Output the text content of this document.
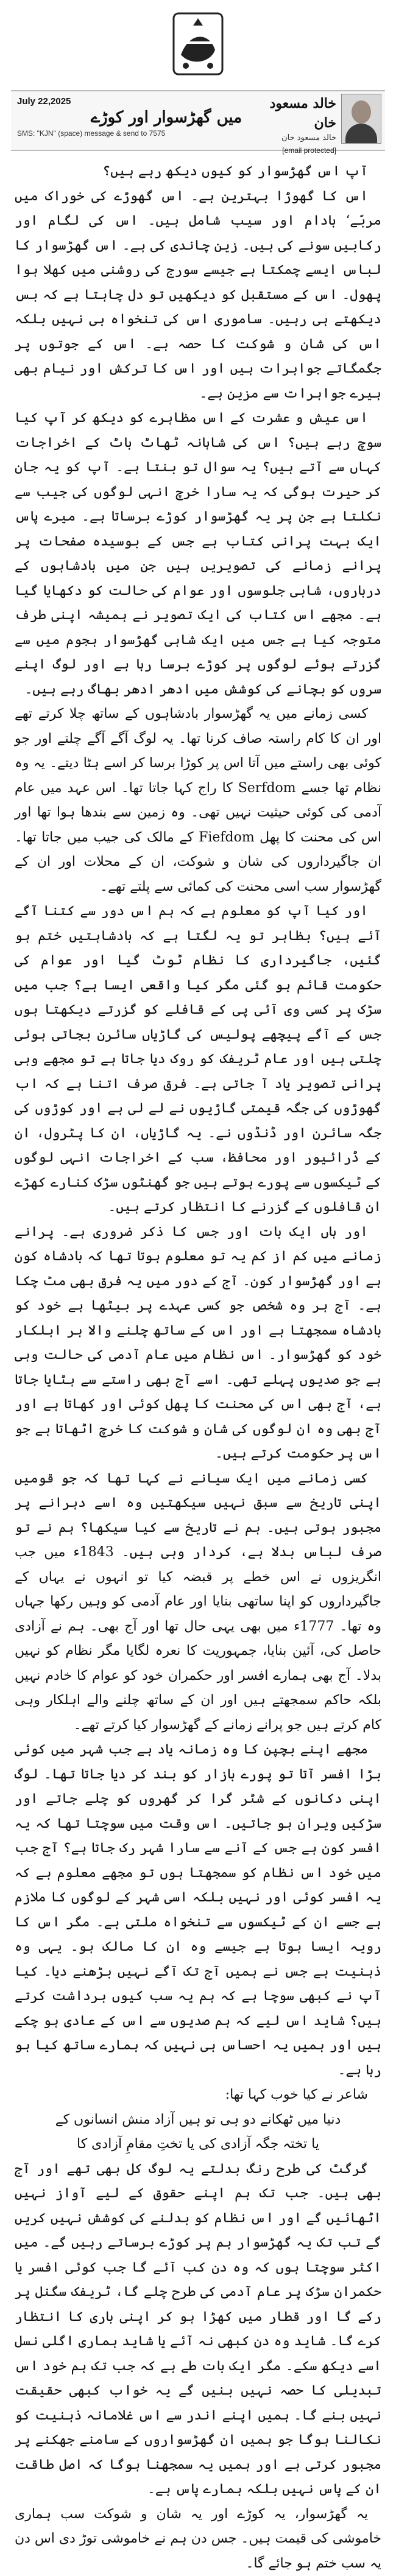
July 22,2025
SMS: "KJN" (space) message & send to 7575
میں گھڑسوار اور کوڑے
خالد مسعود خان
خالد مسعود خان
[email protected]

آپ اس گھڑسوار کو کیوں دیکھ رہے ہیں؟

اس کا گھوڑا بہترین ہے۔ اس گھوڑے کی خوراک میں مربّے‘ بادام اور سیب شامل ہیں۔ اس کی لگام اور رکابیں سونے کی ہیں۔ زین چاندی کی ہے۔ اس گھڑسوار کا لباس ایسے چمکتا ہے جیسے سورج کی روشنی میں کھلا ہوا پھول۔ اس کے مستقبل کو دیکھیں تو دل چاہتا ہے کہ بس دیکھتے ہی رہیں۔ ساموری اس کی تنخواہ ہی نہیں بلکہ اس کی شان و شوکت کا حصہ ہے۔ اس کے جوتوں پر جگمگاتے جواہرات ہیں اور اس کا ترکش اور نیام بھی ہیرے جواہرات سے مزین ہے۔

اس عیش و عشرت کے اس مظاہرے کو دیکھ کر آپ کیا سوچ رہے ہیں؟ اس کی شاہانہ ٹھاٹ باٹ کے اخراجات کہاں سے آتے ہیں؟ یہ سوال تو بنتا ہے۔ آپ کو یہ جان کر حیرت ہوگی کہ یہ سارا خرچ انہی لوگوں کی جیب سے نکلتا ہے جن پر یہ گھڑسوار کوڑے برساتا ہے۔ میرے پاس ایک بہت پرانی کتاب ہے جس کے بوسیدہ صفحات پر پرانے زمانے کی تصویریں ہیں جن میں بادشاہوں کے درباروں، شاہی جلوسوں اور عوام کی حالت کو دکھایا گیا ہے۔ مجھے اس کتاب کی ایک تصویر نے ہمیشہ اپنی طرف متوجہ کیا ہے جس میں ایک شاہی گھڑسوار ہجوم میں سے گزرتے ہوئے لوگوں پر کوڑے برسا رہا ہے اور لوگ اپنے سروں کو بچانے کی کوشش میں ادھر ادھر بھاگ رہے ہیں۔

کسی زمانے میں یہ گھڑسوار بادشاہوں کے ساتھ چلا کرتے تھے اور ان کا کام راستہ صاف کرنا تھا۔ یہ لوگ آگے آگے چلتے اور جو کوئی بھی راستے میں آتا اس پر کوڑا برسا کر اسے ہٹا دیتے۔ یہ وہ نظام تھا جسے Serfdom کا راج کہا جاتا تھا۔ اس عہد میں عام آدمی کی کوئی حیثیت نہیں تھی۔ وہ زمین سے بندھا ہوا تھا اور اس کی محنت کا پھل Fiefdom کے مالک کی جیب میں جاتا تھا۔ ان جاگیرداروں کی شان و شوکت، ان کے محلات اور ان کے گھڑسوار سب اسی محنت کی کمائی سے پلتے تھے۔

اور کیا آپ کو معلوم ہے کہ ہم اس دور سے کتنا آگے آئے ہیں؟ بظاہر تو یہ لگتا ہے کہ بادشاہتیں ختم ہو گئیں، جاگیرداری کا نظام ٹوٹ گیا اور عوام کی حکومت قائم ہو گئی مگر کیا واقعی ایسا ہے؟ جب میں سڑک پر کسی وی آئی پی کے قافلے کو گزرتے دیکھتا ہوں جس کے آگے پیچھے پولیس کی گاڑیاں سائرن بجاتی ہوئی چلتی ہیں اور عام ٹریفک کو روک دیا جاتا ہے تو مجھے وہی پرانی تصویر یاد آ جاتی ہے۔ فرق صرف اتنا ہے کہ اب گھوڑوں کی جگہ قیمتی گاڑیوں نے لے لی ہے اور کوڑوں کی جگہ سائرن اور ڈنڈوں نے۔ یہ گاڑیاں، ان کا پٹرول، ان کے ڈرائیور اور محافظ، سب کے اخراجات انہی لوگوں کے ٹیکسوں سے پورے ہوتے ہیں جو گھنٹوں سڑک کنارے کھڑے ان قافلوں کے گزرنے کا انتظار کرتے ہیں۔

اور ہاں ایک بات اور جس کا ذکر ضروری ہے۔ پرانے زمانے میں کم از کم یہ تو معلوم ہوتا تھا کہ بادشاہ کون ہے اور گھڑسوار کون۔ آج کے دور میں یہ فرق بھی مٹ چکا ہے۔ آج ہر وہ شخص جو کسی عہدے پر بیٹھا ہے خود کو بادشاہ سمجھتا ہے اور اس کے ساتھ چلنے والا ہر اہلکار خود کو گھڑسوار۔ اس نظام میں عام آدمی کی حالت وہی ہے جو صدیوں پہلے تھی۔ اسے آج بھی راستے سے ہٹایا جاتا ہے، آج بھی اس کی محنت کا پھل کوئی اور کھاتا ہے اور آج بھی وہ ان لوگوں کی شان و شوکت کا خرچ اٹھاتا ہے جو اس پر حکومت کرتے ہیں۔

کسی زمانے میں ایک سیانے نے کہا تھا کہ جو قومیں اپنی تاریخ سے سبق نہیں سیکھتیں وہ اسے دہرانے پر مجبور ہوتی ہیں۔ ہم نے تاریخ سے کیا سیکھا؟ ہم نے تو صرف لباس بدلا ہے، کردار وہی ہیں۔ 1843ء میں جب انگریزوں نے اس خطے پر قبضہ کیا تو انہوں نے یہاں کے جاگیرداروں کو اپنا ساتھی بنایا اور عام آدمی کو وہیں رکھا جہاں وہ تھا۔ 1777ء میں بھی یہی حال تھا اور آج بھی۔ ہم نے آزادی حاصل کی، آئین بنایا، جمہوریت کا نعرہ لگایا مگر نظام کو نہیں بدلا۔ آج بھی ہمارے افسر اور حکمران خود کو عوام کا خادم نہیں بلکہ حاکم سمجھتے ہیں اور ان کے ساتھ چلنے والے اہلکار وہی کام کرتے ہیں جو پرانے زمانے کے گھڑسوار کیا کرتے تھے۔

مجھے اپنے بچپن کا وہ زمانہ یاد ہے جب شہر میں کوئی بڑا افسر آتا تو پورے بازار کو بند کر دیا جاتا تھا۔ لوگ اپنی دکانوں کے شٹر گرا کر گھروں کو چلے جاتے اور سڑکیں ویران ہو جاتیں۔ اس وقت میں سوچتا تھا کہ یہ افسر کون ہے جس کے آنے سے سارا شہر رک جاتا ہے؟ آج جب میں خود اس نظام کو سمجھتا ہوں تو مجھے معلوم ہے کہ یہ افسر کوئی اور نہیں بلکہ اسی شہر کے لوگوں کا ملازم ہے جسے ان کے ٹیکسوں سے تنخواہ ملتی ہے۔ مگر اس کا رویہ ایسا ہوتا ہے جیسے وہ ان کا مالک ہو۔ یہی وہ ذہنیت ہے جس نے ہمیں آج تک آگے نہیں بڑھنے دیا۔ کیا آپ نے کبھی سوچا ہے کہ ہم یہ سب کیوں برداشت کرتے ہیں؟ شاید اس لیے کہ ہم صدیوں سے اس کے عادی ہو چکے ہیں اور ہمیں یہ احساس ہی نہیں کہ ہمارے ساتھ کیا ہو رہا ہے۔

شاعر نے کیا خوب کہا تھا:

دنیا میں ٹھکانے دو ہی تو ہیں آزاد منش انسانوں کے

یا تختہ جگہ آزادی کی یا تختِ مقامِ آزادی کا

گرگٹ کی طرح رنگ بدلتے یہ لوگ کل بھی تھے اور آج بھی ہیں۔ جب تک ہم اپنے حقوق کے لیے آواز نہیں اٹھائیں گے اور اس نظام کو بدلنے کی کوشش نہیں کریں گے تب تک یہ گھڑسوار ہم پر کوڑے برساتے رہیں گے۔ میں اکثر سوچتا ہوں کہ وہ دن کب آئے گا جب کوئی افسر یا حکمران سڑک پر عام آدمی کی طرح چلے گا، ٹریفک سگنل پر رکے گا اور قطار میں کھڑا ہو کر اپنی باری کا انتظار کرے گا۔ شاید وہ دن کبھی نہ آئے یا شاید ہماری اگلی نسل اسے دیکھ سکے۔ مگر ایک بات طے ہے کہ جب تک ہم خود اس تبدیلی کا حصہ نہیں بنیں گے یہ خواب کبھی حقیقت نہیں بنے گا۔ ہمیں اپنے اندر سے اس غلامانہ ذہنیت کو نکالنا ہوگا جو ہمیں ان گھڑسواروں کے سامنے جھکنے پر مجبور کرتی ہے اور ہمیں یہ سمجھنا ہوگا کہ اصل طاقت ان کے پاس نہیں بلکہ ہمارے پاس ہے۔

یہ گھڑسوار، یہ کوڑے اور یہ شان و شوکت سب ہماری خاموشی کی قیمت ہیں۔ جس دن ہم نے خاموشی توڑ دی اس دن یہ سب ختم ہو جائے گا۔
